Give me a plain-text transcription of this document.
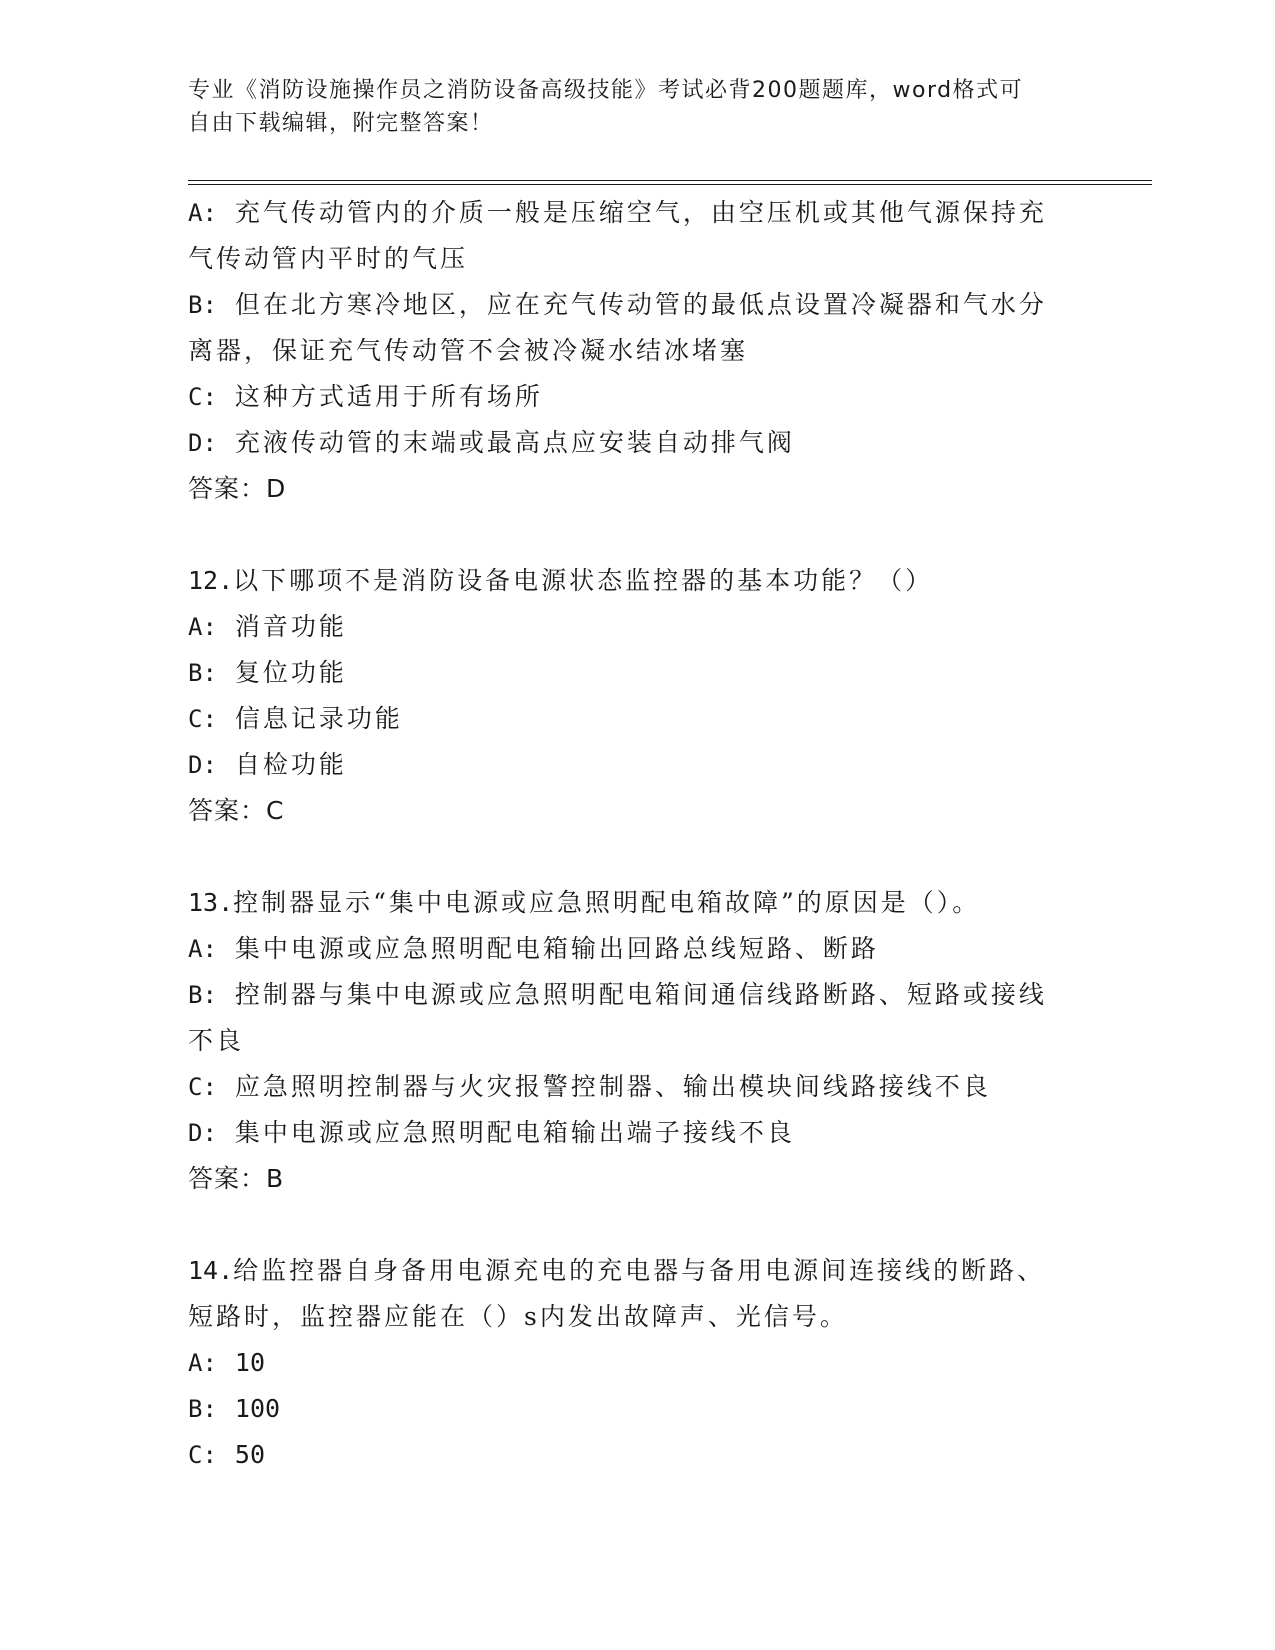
专业《消防设施操作员之消防设备高级技能》考试必背200题题库，word格式可
自由下载编辑，附完整答案！
A: 充气传动管内的介质一般是压缩空气，由空压机或其他气源保持充
气传动管内平时的气压
B: 但在北方寒冷地区，应在充气传动管的最低点设置冷凝器和气水分
离器，保证充气传动管不会被冷凝水结冰堵塞
C: 这种方式适用于所有场所
D: 充液传动管的末端或最高点应安装自动排气阀
答案：D
12.以下哪项不是消防设备电源状态监控器的基本功能？（）
A: 消音功能
B: 复位功能
C: 信息记录功能
D: 自检功能
答案：C
13.控制器显示“集中电源或应急照明配电箱故障”的原因是（）。
A: 集中电源或应急照明配电箱输出回路总线短路、断路
B: 控制器与集中电源或应急照明配电箱间通信线路断路、短路或接线
不良
C: 应急照明控制器与火灾报警控制器、输出模块间线路接线不良
D: 集中电源或应急照明配电箱输出端子接线不良
答案：B
14.给监控器自身备用电源充电的充电器与备用电源间连接线的断路、
短路时，监控器应能在（）s内发出故障声、光信号。
A: 10
B: 100
C: 50
